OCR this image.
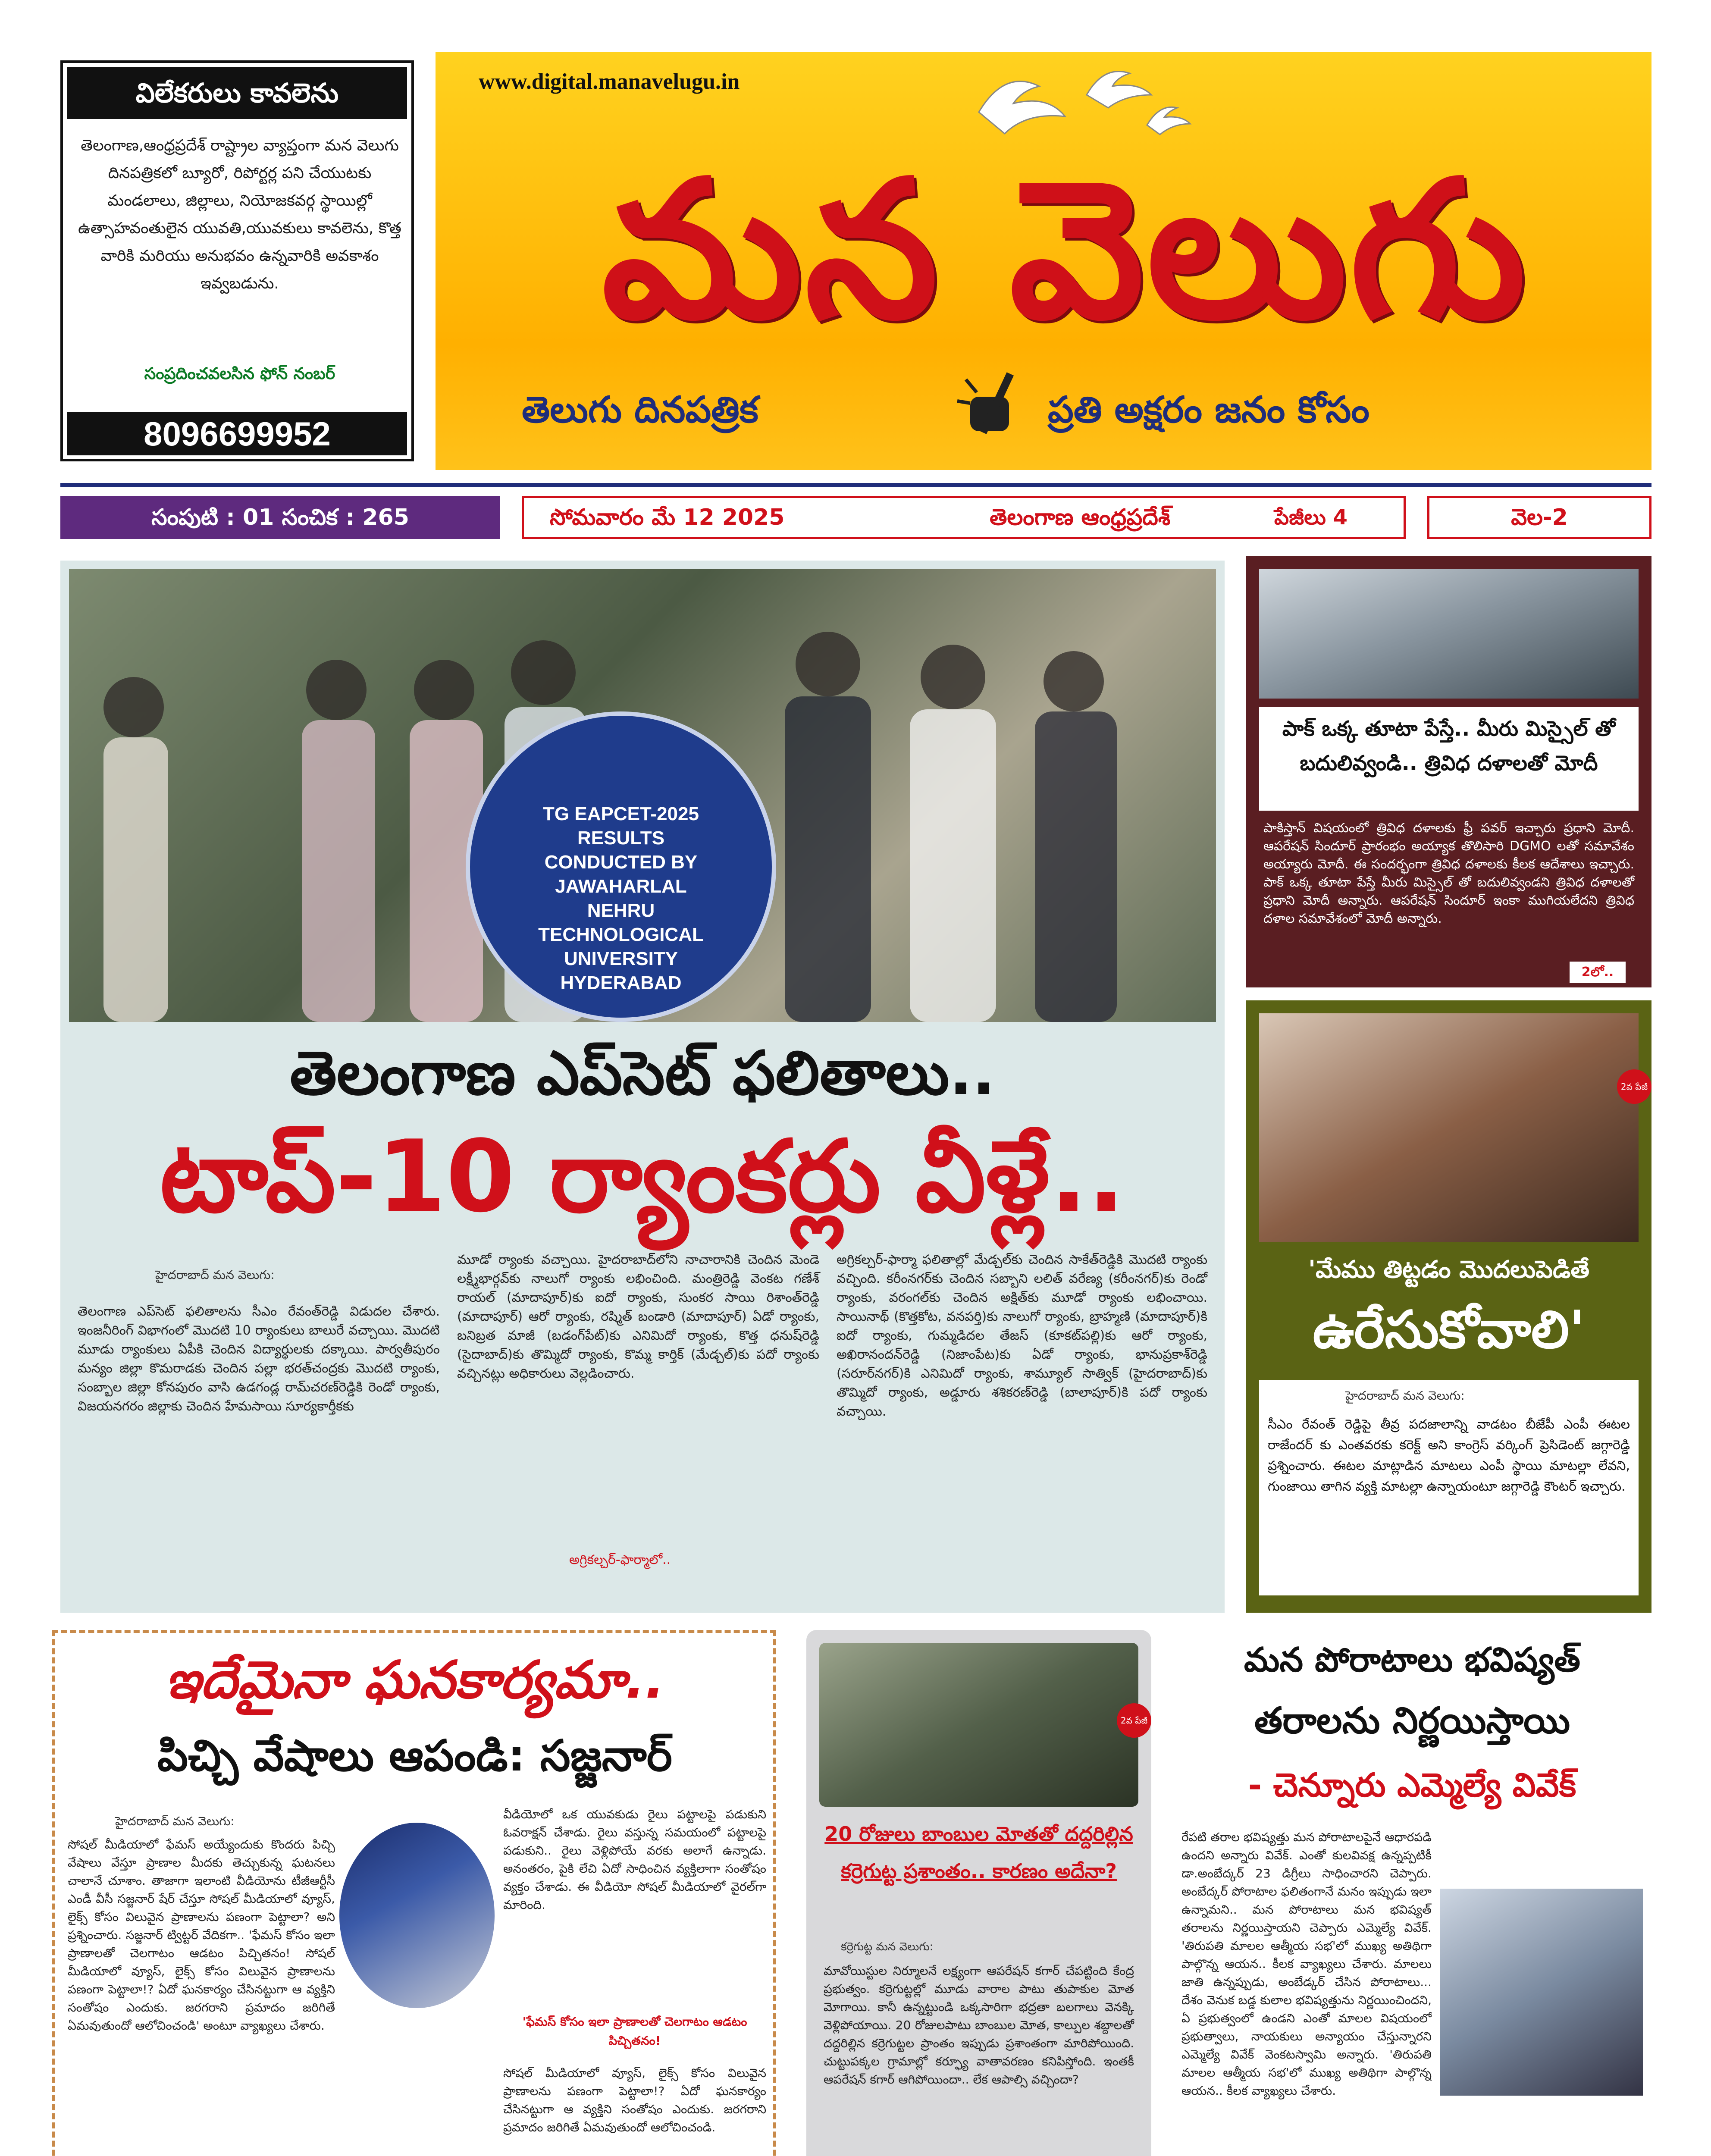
విలేకరులు కావలెను
తెలంగాణ,ఆంధ్రప్రదేశ్ రాష్ట్రాల వ్యాప్తంగా మన వెలుగు దినపత్రికలో బ్యూరో, రిపోర్టర్ల పని చేయుటకు మండలాలు, జిల్లాలు, నియోజకవర్గ స్థాయిల్లో ఉత్సాహవంతులైన యువతి,యువకులు కావలెను, కొత్త వారికి మరియు అనుభవం ఉన్నవారికి అవకాశం ఇవ్వబడును.
సంప్రదించవలసిన ఫోన్ నంబర్
8096699952
www.digital.manavelugu.in
మన వెలుగు
తెలుగు దినపత్రిక	ప్రతి అక్షరం జనం కోసం
సంపుటి : 01 సంచిక : 265	సోమవారం మే 12 2025	తెలంగాణ ఆంధ్రప్రదేశ్	పేజీలు 4	వెల-2
TG EAPCET-2025 RESULTS CONDUCTED BY JAWAHARLAL NEHRU TECHNOLOGICAL UNIVERSITY HYDERABAD
తెలంగాణ ఎప్‌సెట్ ఫలితాలు..
టాప్-10 ర్యాంకర్లు వీళ్లే..
హైదరాబాద్ మన వెలుగు:
తెలంగాణ ఎప్‌సెట్ ఫలితాలను సీఎం రేవంత్‌రెడ్డి విడుదల చేశారు. ఇంజనీరింగ్ విభాగంలో మొదటి 10 ర్యాంకులు బాలురే వచ్చాయి. మొదటి మూడు ర్యాంకులు ఏపీకి చెందిన విద్యార్థులకు దక్కాయి. పార్వతీపురం మన్యం జిల్లా కొమరాడకు చెందిన పల్లా భరత్‌చంద్రకు మొదటి ర్యాంకు, సంబ్బాల జిల్లా కోనపురం వాసి ఉడగండ్ల రామ్‌చరణ్‌రెడ్డికి రెండో ర్యాంకు, విజయనగరం జిల్లాకు చెందిన హేమసాయి సూర్యకార్తీకకు
మూడో ర్యాంకు వచ్చాయి. హైదరాబాద్‌లోని నాచారానికి చెందిన మెండె లక్ష్మీభార్గవ్‌కు నాలుగో ర్యాంకు లభించింది. మంత్రిరెడ్డి వెంకట గణేశ్ రాయల్ (మాదాపూర్)కు ఐదో ర్యాంకు, సుంకర సాయి రిశాంత్‌రెడ్డి (మాదాపూర్) ఆరో ర్యాంకు, రష్మిత్ బండారి (మాదాపూర్) ఏడో ర్యాంకు, బనిబ్రత మాజీ (బడంగ్‌పేట్)కు ఎనిమిదో ర్యాంకు, కొత్త ధనుష్‌రెడ్డి (సైదాబాద్)కు తొమ్మిదో ర్యాంకు, కొమ్మ కార్తిక్ (మేడ్చల్)కు పదో ర్యాంకు వచ్చినట్లు అధికారులు వెల్లడించారు.
అగ్రికల్చర్-ఫార్మా ఫలితాల్లో మేడ్చల్‌కు చెందిన సాకేత్‌రెడ్డికి మొదటి ర్యాంకు వచ్చింది. కరీంనగర్‌కు చెందిన సబ్బాని లలిత్ వరేణ్య (కరీంనగర్)కు రెండో ర్యాంకు, వరంగల్‌కు చెందిన అక్షిత్‌కు మూడో ర్యాంకు లభించాయి. సాయినాథ్ (కొత్తకోట, వనపర్తి)కు నాలుగో ర్యాంకు, బ్రాహ్మణి (మాదాపూర్)కి ఐదో ర్యాంకు, గుమ్మడిదల తేజస్ (కూకట్‌పల్లి)కు ఆరో ర్యాంకు, అఖిరానందన్‌రెడ్డి (నిజాంపేట)కు ఏడో ర్యాంకు, భానుప్రకాశ్‌రెడ్డి (సరూర్‌నగర్)కి ఎనిమిదో ర్యాంకు, శామ్యూల్ సాత్విక్ (హైదరాబాద్)కు తొమ్మిదో ర్యాంకు, అడ్డూరు శశికరణ్‌రెడ్డి (బాలాపూర్)కి పదో ర్యాంకు వచ్చాయి.
అగ్రికల్చర్-ఫార్మాలో..
పాక్ ఒక్క తూటా పేస్తే.. మీరు మిస్సైల్ తో బదులివ్వండి.. త్రివిధ దళాలతో మోదీ
పాకిస్తాన్ విషయంలో త్రివిధ దళాలకు ఫ్రీ పవర్ ఇచ్చారు ప్రధాని మోదీ. ఆపరేషన్ సిందూర్ ప్రారంభం అయ్యాక తొలిసారి DGMO లతో సమావేశం అయ్యారు మోదీ. ఈ సందర్భంగా త్రివిధ దళాలకు కీలక ఆదేశాలు ఇచ్చారు. పాక్ ఒక్క తూటా పేస్తే మీరు మిస్సైల్ తో బదులివ్వండని త్రివిధ దళాలతో ప్రధాని మోదీ అన్నారు. ఆపరేషన్ సిందూర్ ఇంకా ముగియలేదని త్రివిధ దళాల సమావేశంలో మోదీ అన్నారు.
2లో..
2వ పేజీ
'మేము తిట్టడం మొదలుపెడితే
ఉరేసుకోవాలి'
హైదరాబాద్ మన వెలుగు:
సీఎం రేవంత్ రెడ్డిపై తీవ్ర పదజాలాన్ని వాడటం బీజేపీ ఎంపీ ఈటల రాజేందర్ కు ఎంతవరకు కరెక్ట్ అని కాంగ్రెస్ వర్కింగ్ ప్రెసిడెంట్ జగ్గారెడ్డి ప్రశ్నించారు. ఈటల మాట్లాడిన మాటలు ఎంపీ స్థాయి మాటల్లా లేవని, గుంజాయి తాగిన వ్యక్తి మాటల్లా ఉన్నాయంటూ జగ్గారెడ్డి కౌంటర్ ఇచ్చారు.
ఇదేమైనా ఘనకార్యమా..
పిచ్చి వేషాలు ఆపండి: సజ్జనార్
హైదరాబాద్ మన వెలుగు:
సోషల్ మీడియాలో ఫేమస్ అయ్యేందుకు కొందరు పిచ్చి వేషాలు వేస్తూ ప్రాణాల మీదకు తెచ్చుకున్న ఘటనలు చాలానే చూశాం. తాజాగా ఇలాంటి వీడియోను టీజీఆర్టీసీ ఎండీ వీసీ సజ్జనార్ షేర్ చేస్తూ సోషల్ మీడియాలో వ్యూస్, లైక్స్ కోసం విలువైన ప్రాణాలను పణంగా పెట్టాలా? అని ప్రశ్నించారు. సజ్జనార్ ట్విట్టర్ వేదికగా.. 'ఫేమస్ కోసం ఇలా ప్రాణాలతో చెలగాటం ఆడటం పిచ్చితనం! సోషల్ మీడియాలో వ్యూస్, లైక్స్ కోసం విలువైన ప్రాణాలను పణంగా పెట్టాలా!? ఏదో ఘనకార్యం చేసినట్టుగా ఆ వ్యక్తిని సంతోషం ఎందుకు. జరగరాని ప్రమాదం జరిగితే ఏమవుతుందో ఆలోచించండి' అంటూ వ్యాఖ్యలు చేశారు.
వీడియోలో ఒక యువకుడు రైలు పట్టాలపై పడుకుని ఓవరాక్షన్ చేశాడు. రైలు వస్తున్న సమయంలో పట్టాలపై పడుకుని.. రైలు వెళ్లిపోయే వరకు అలాగే ఉన్నాడు. అనంతరం, పైకి లేచి ఏదో సాధించిన వ్యక్తిలాగా సంతోషం వ్యక్తం చేశాడు. ఈ వీడియో సోషల్ మీడియాలో వైరల్‌గా మారింది.
'ఫేమస్ కోసం ఇలా ప్రాణాలతో చెలగాటం ఆడటం పిచ్చితనం!
సోషల్ మీడియాలో వ్యూస్, లైక్స్ కోసం విలువైన ప్రాణాలను పణంగా పెట్టాలా!? ఏదో ఘనకార్యం చేసినట్టుగా ఆ వ్యక్తిని సంతోషం ఎందుకు. జరగరాని ప్రమాదం జరిగితే ఏమవుతుందో ఆలోచించండి.
2వ పేజీ
20 రోజులు బాంబుల మోతతో దద్దరిల్లిన కర్రెగుట్ట ప్రశాంతం.. కారణం అదేనా?
కర్రెగుట్ట మన వెలుగు:
మావోయిస్టుల నిర్మూలనే లక్ష్యంగా ఆపరేషన్ కగార్ చేపట్టింది కేంద్ర ప్రభుత్వం. కర్రెగుట్టల్లో మూడు వారాల పాటు తుపాకుల మోత మోగాయి. కానీ ఉన్నట్టుండి ఒక్కసారిగా భద్రతా బలగాలు వెనక్కి వెళ్లిపోయాయి. 20 రోజులపాటు బాంబుల మోత, కాల్పుల శబ్దాలతో దద్దరిల్లిన కర్రెగుట్టల ప్రాంతం ఇప్పుడు ప్రశాంతంగా మారిపోయింది. చుట్టుపక్కల గ్రామాల్లో కర్ఫ్యూ వాతావరణం కనిపిస్తోంది. ఇంతకీ ఆపరేషన్ కగార్ ఆగిపోయిందా.. లేక ఆపాల్సి వచ్చిందా?
మన పోరాటాలు భవిష్యత్
తరాలను నిర్ణయిస్తాయి
- చెన్నూరు ఎమ్మెల్యే వివేక్
రేపటి తరాల భవిష్యత్తు మన పోరాటాలపైనే ఆధారపడి ఉందని అన్నారు వివేక్. ఎంతో కులవివక్ష ఉన్నప్పటికీ డా.అంబేద్కర్ 23 డిగ్రీలు సాధించారని చెప్పారు. అంబేద్కర్ పోరాటాల ఫలితంగానే మనం ఇప్పుడు ఇలా ఉన్నామని.. మన పోరాటాలు మన భవిష్యత్ తరాలను నిర్ణయిస్తాయని చెప్పారు ఎమ్మెల్యే వివేక్. 'తిరుపతి మాలల ఆత్మీయ సభ'లో ముఖ్య అతిథిగా పాల్గొన్న ఆయన.. కీలక వ్యాఖ్యలు చేశారు. మాలలు జాతి ఉన్నప్పుడు, అంబేడ్కర్ చేసిన పోరాటాలు... దేశం వెనుక బడ్డ కులాల భవిష్యత్తును నిర్ణయించిందని, ఏ ప్రభుత్వంలో ఉండని ఎంతో మాలల విషయంలో ప్రభుత్వాలు, నాయకులు అన్యాయం చేస్తున్నారని ఎమ్మెల్యే వివేక్ వెంకటస్వామి అన్నారు. 'తిరుపతి మాలల ఆత్మీయ సభ'లో ముఖ్య అతిథిగా పాల్గొన్న ఆయన.. కీలక వ్యాఖ్యలు చేశారు.
